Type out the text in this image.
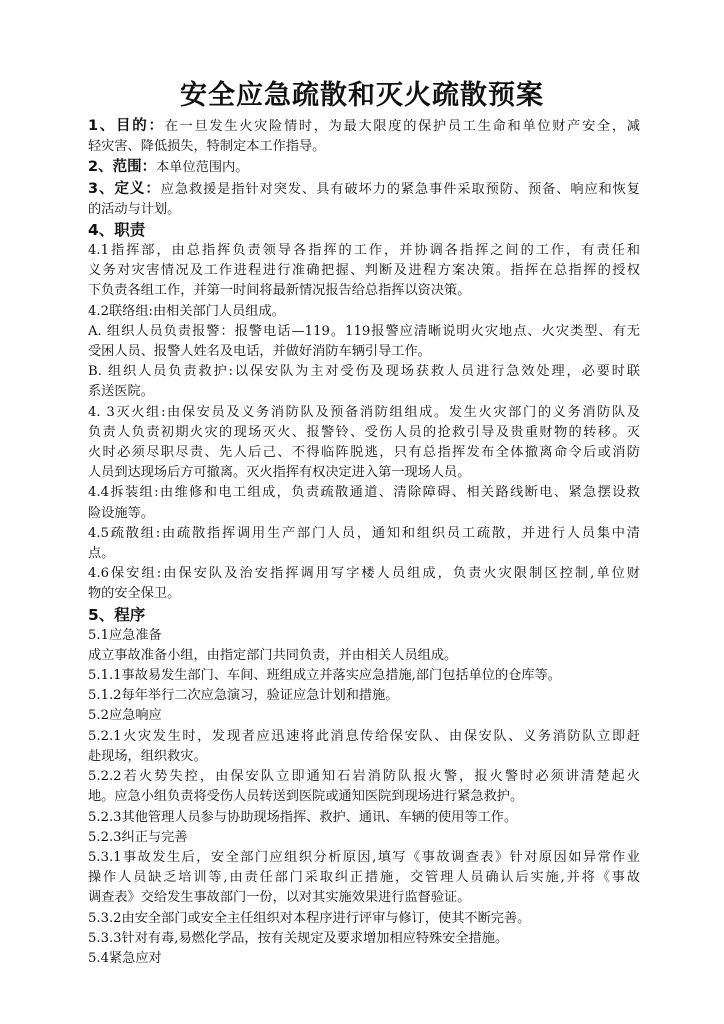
安全应急疏散和灭火疏散预案

1、目的：在一旦发生火灾险情时，为最大限度的保护员工生命和单位财产安全，减

轻灾害、降低损失，特制定本工作指导。

2、范围：本单位范围内。

3、定义：应急救援是指针对突发、具有破坏力的紧急事件采取预防、预备、响应和恢复

的活动与计划。

4、职责

4.1指挥部，由总指挥负责领导各指挥的工作，并协调各指挥之间的工作，有责任和

义务对灾害情况及工作进程进行准确把握、判断及进程方案决策。指挥在总指挥的授权

下负责各组工作，并第一时间将最新情况报告给总指挥以资决策。

4.2联络组:由相关部门人员组成。

A. 组织人员负责报警：报警电话—119。119报警应清晰说明火灾地点、火灾类型、有无

受困人员、报警人姓名及电话，并做好消防车辆引导工作。

B. 组织人员负责救护:以保安队为主对受伤及现场获救人员进行急效处理，必要时联

系送医院。

4. 3灭火组:由保安员及义务消防队及预备消防组组成。发生火灾部门的义务消防队及

负责人负责初期火灾的现场灭火、报警铃、受伤人员的抢救引导及贵重财物的转移。灭

火时必须尽职尽责、先人后己、不得临阵脱逃，只有总指挥发布全体撤离命令后或消防

人员到达现场后方可撤离。灭火指挥有权决定进入第一现场人员。

4.4拆装组:由维修和电工组成，负责疏散通道、清除障碍、相关路线断电、紧急摆设救

险设施等。

4.5疏散组:由疏散指挥调用生产部门人员，通知和组织员工疏散，并进行人员集中清

点。

4.6保安组:由保安队及治安指挥调用写字楼人员组成，负责火灾限制区控制,单位财

物的安全保卫。

5、程序

5.1应急准备

成立事故准备小组，由指定部门共同负责，并由相关人员组成。

5.1.1事故易发生部门、车间、班组成立并落实应急措施,部门包括单位的仓库等。

5.1.2每年举行二次应急演习，验证应急计划和措施。

5.2应急响应

5.2.1火灾发生时，发现者应迅速将此消息传给保安队、由保安队、义务消防队立即赶

赴现场，组织救灾。

5.2.2若火势失控，由保安队立即通知石岩消防队报火警，报火警时必须讲清楚起火

地。应急小组负责将受伤人员转送到医院或通知医院到现场进行紧急救护。

5.2.3其他管理人员参与协助现场指挥、救护、通讯、车辆的使用等工作。

5.2.3纠正与完善

5.3.1事故发生后，安全部门应组织分析原因,填写《事故调查表》针对原因如异常作业

操作人员缺乏培训等,由责任部门采取纠正措施，交管理人员确认后实施,并将《事故

调查表》交给发生事故部门一份，以对其实施效果进行监督验证。

5.3.2由安全部门或安全主任组织对本程序进行评审与修订，使其不断完善。

5.3.3针对有毒,易燃化学品，按有关规定及要求增加相应特殊安全措施。

5.4紧急应对
